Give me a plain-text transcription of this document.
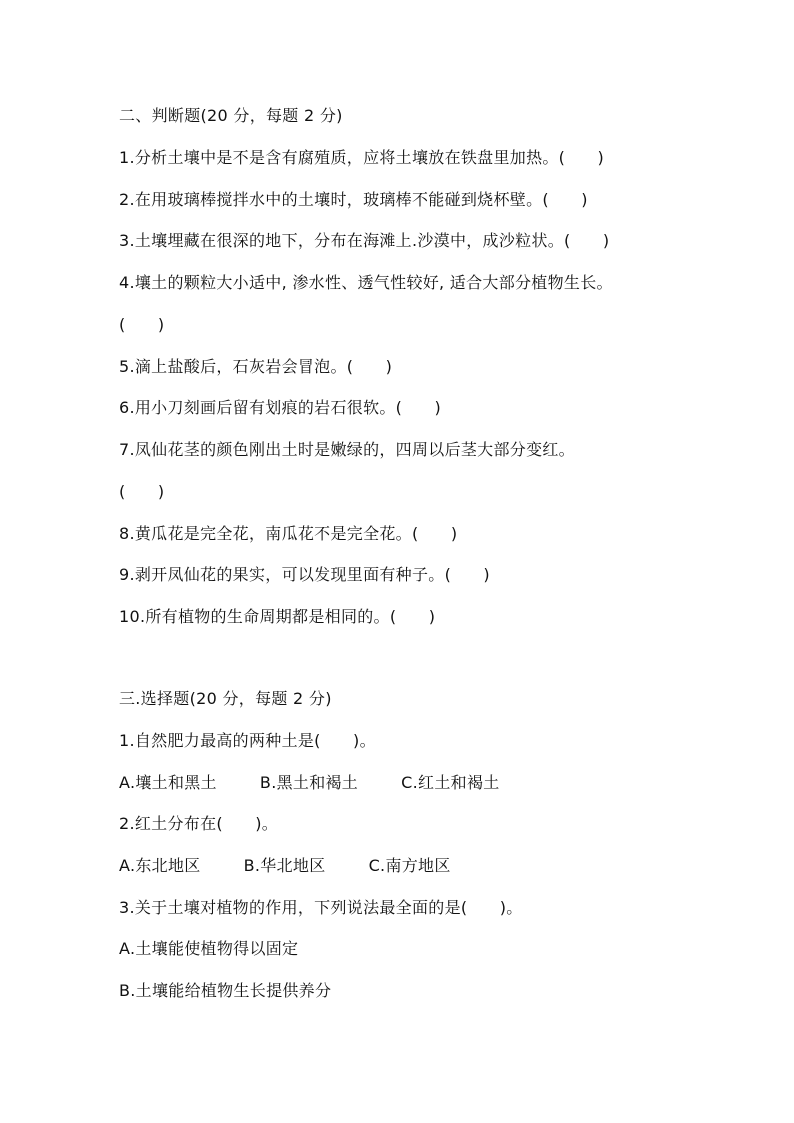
二、判断题(20 分，每题 2 分)
1.分析土壤中是不是含有腐殖质，应将土壤放在铁盘里加热。(      )
2.在用玻璃棒搅拌水中的土壤时，玻璃棒不能碰到烧杯壁。(      )
3.土壤埋藏在很深的地下，分布在海滩上.沙漠中，成沙粒状。(      )
4.壤土的颗粒大小适中, 渗水性、透气性较好, 适合大部分植物生长。
(      )
5.滴上盐酸后，石灰岩会冒泡。(      )
6.用小刀刻画后留有划痕的岩石很软。(      )
7.凤仙花茎的颜色刚出土时是嫩绿的，四周以后茎大部分变红。
(      )
8.黄瓜花是完全花，南瓜花不是完全花。(      )
9.剥开凤仙花的果实，可以发现里面有种子。(      )
10.所有植物的生命周期都是相同的。(      )
三.选择题(20 分，每题 2 分)
1.自然肥力最高的两种土是(      )。
A.壤土和黑土        B.黑土和褐土        C.红土和褐土
2.红土分布在(      )。
A.东北地区        B.华北地区        C.南方地区
3.关于土壤对植物的作用，下列说法最全面的是(      )。
A.土壤能使植物得以固定
B.土壤能给植物生长提供养分
